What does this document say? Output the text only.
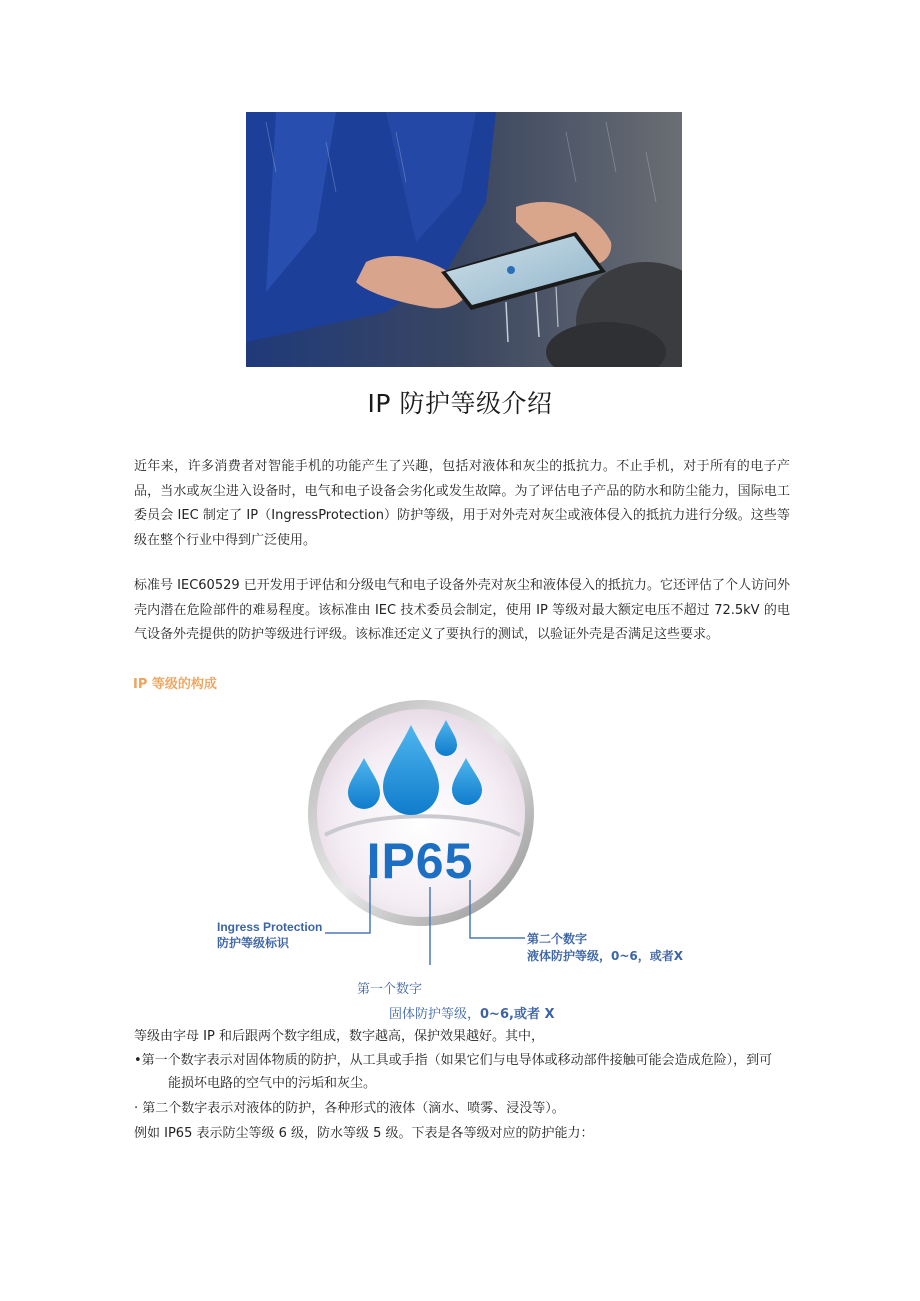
IP 防护等级介绍
近年来，许多消费者对智能手机的功能产生了兴趣，包括对液体和灰尘的抵抗力。不止手机，对于所有的电子产品，当水或灰尘进入设备时，电气和电子设备会劣化或发生故障。为了评估电子产品的防水和防尘能力，国际电工委员会 IEC 制定了 IP（IngressProtection）防护等级，用于对外壳对灰尘或液体侵入的抵抗力进行分级。这些等级在整个行业中得到广泛使用。
标准号 IEC60529 已开发用于评估和分级电气和电子设备外壳对灰尘和液体侵入的抵抗力。它还评估了个人访问外壳内潜在危险部件的难易程度。该标准由 IEC 技术委员会制定，使用 IP 等级对最大额定电压不超过 72.5kV 的电气设备外壳提供的防护等级进行评级。该标准还定义了要执行的测试，以验证外壳是否满足这些要求。
IP 等级的构成
IP65
Ingress Protection
防护等级标识	第二个数字
液体防护等级，0~6，或者X
第一个数字
固体防护等级，0~6,或者 X
等级由字母 IP 和后跟两个数字组成，数字越高，保护效果越好。其中，
•第一个数字表示对固体物质的防护，从工具或手指（如果它们与电导体或移动部件接触可能会造成危险），到可
能损坏电路的空气中的污垢和灰尘。
· 第二个数字表示对液体的防护，各种形式的液体（滴水、喷雾、浸没等）。
例如 IP65 表示防尘等级 6 级，防水等级 5 级。下表是各等级对应的防护能力：
